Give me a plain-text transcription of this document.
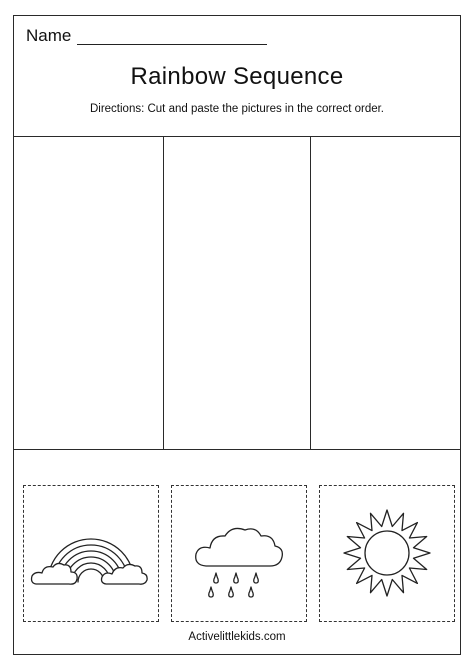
Name
Rainbow Sequence
Directions: Cut and paste the pictures in the correct order.
Activelittlekids.com
